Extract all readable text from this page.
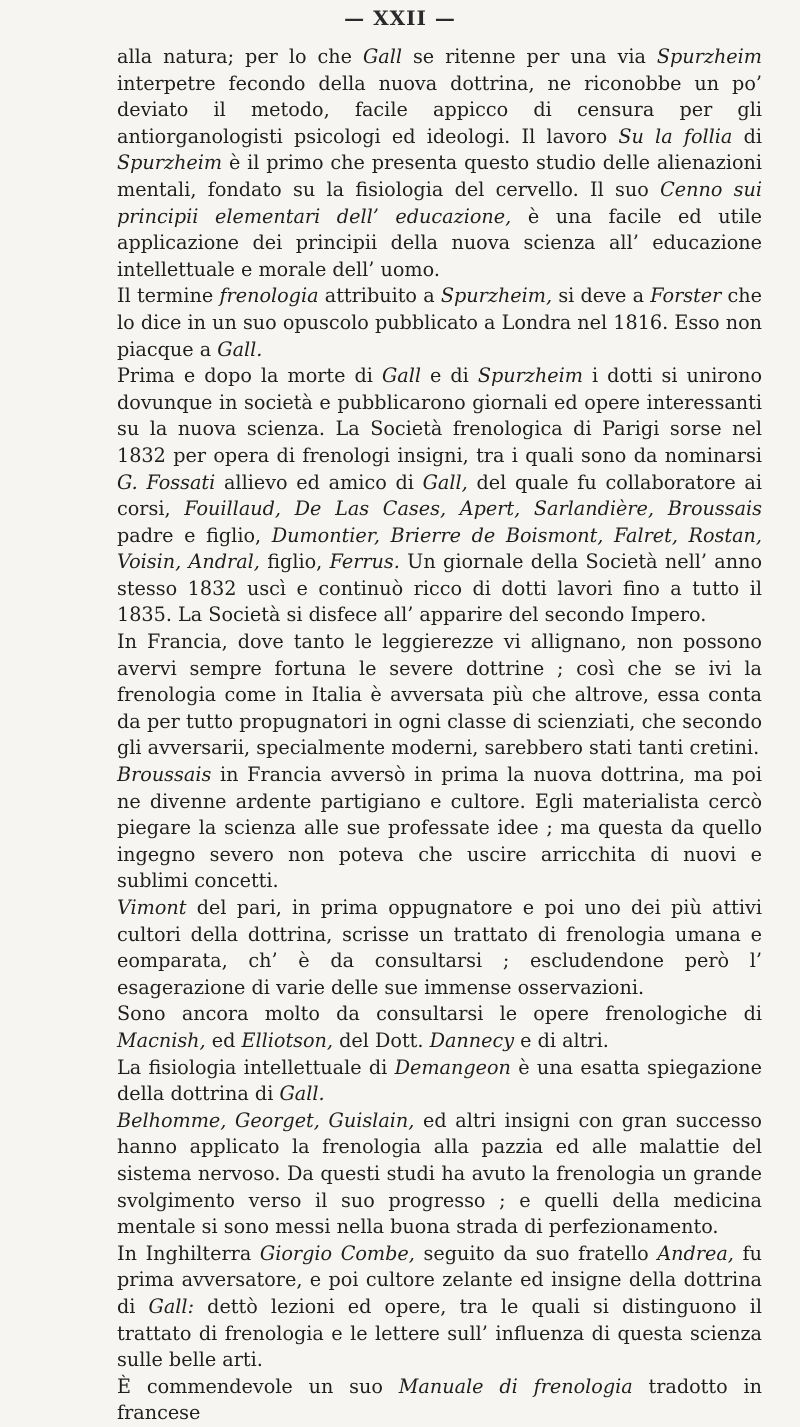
— XXII —

alla natura; per lo che Gall se ritenne per una via Spurzheim interpetre fecondo della nuova dottrina, ne riconobbe un po’ deviato il metodo, facile appicco di censura per gli antiorganologisti psicologi ed ideologi. Il lavoro Su la follia di Spurzheim è il primo che presenta questo studio delle alienazioni mentali, fondato su la fisiologia del cervello. Il suo Cenno sui principii elementari dell’ educazione, è una facile ed utile applicazione dei principii della nuova scienza all’ educazione intellettuale e morale dell’ uomo.

Il termine frenologia attribuito a Spurzheim, si deve a Forster che lo dice in un suo opuscolo pubblicato a Londra nel 1816. Esso non piacque a Gall.

Prima e dopo la morte di Gall e di Spurzheim i dotti si unirono dovunque in società e pubblicarono giornali ed opere interessanti su la nuova scienza. La Società frenologica di Parigi sorse nel 1832 per opera di frenologi insigni, tra i quali sono da nominarsi G. Fossati allievo ed amico di Gall, del quale fu collaboratore ai corsi, Fouillaud, De Las Cases, Apert, Sarlandière, Broussais padre e figlio, Dumontier, Brierre de Boismont, Falret, Rostan, Voisin, Andral, figlio, Ferrus. Un giornale della Società nell’ anno stesso 1832 uscì e continuò ricco di dotti lavori fino a tutto il 1835. La Società si disfece all’ apparire del secondo Impero.

In Francia, dove tanto le leggierezze vi allignano, non possono avervi sempre fortuna le severe dottrine ; così che se ivi la frenologia come in Italia è avversata più che altrove, essa conta da per tutto propugnatori in ogni classe di scienziati, che secondo gli avversarii, specialmente moderni, sarebbero stati tanti cretini.

Broussais in Francia avversò in prima la nuova dottrina, ma poi ne divenne ardente partigiano e cultore. Egli materialista cercò piegare la scienza alle sue professate idee ; ma questa da quello ingegno severo non poteva che uscire arricchita di nuovi e sublimi concetti.

Vimont del pari, in prima oppugnatore e poi uno dei più attivi cultori della dottrina, scrisse un trattato di frenologia umana e eomparata, ch’ è da consultarsi ; escludendone però l’ esagerazione di varie delle sue immense osservazioni.

Sono ancora molto da consultarsi le opere frenologiche di Macnish, ed Elliotson, del Dott. Dannecy e di altri.

La fisiologia intellettuale di Demangeon è una esatta spiegazione della dottrina di Gall.

Belhomme, Georget, Guislain, ed altri insigni con gran successo hanno applicato la frenologia alla pazzia ed alle malattie del sistema nervoso. Da questi studi ha avuto la frenologia un grande svolgimento verso il suo progresso ; e quelli della medicina mentale si sono messi nella buona strada di perfezionamento.

In Inghilterra Giorgio Combe, seguito da suo fratello Andrea, fu prima avversatore, e poi cultore zelante ed insigne della dottrina di Gall: dettò lezioni ed opere, tra le quali si distinguono il trattato di frenologia e le lettere sull’ influenza di questa scienza sulle belle arti.

È commendevole un suo Manuale di frenologia tradotto in francese
